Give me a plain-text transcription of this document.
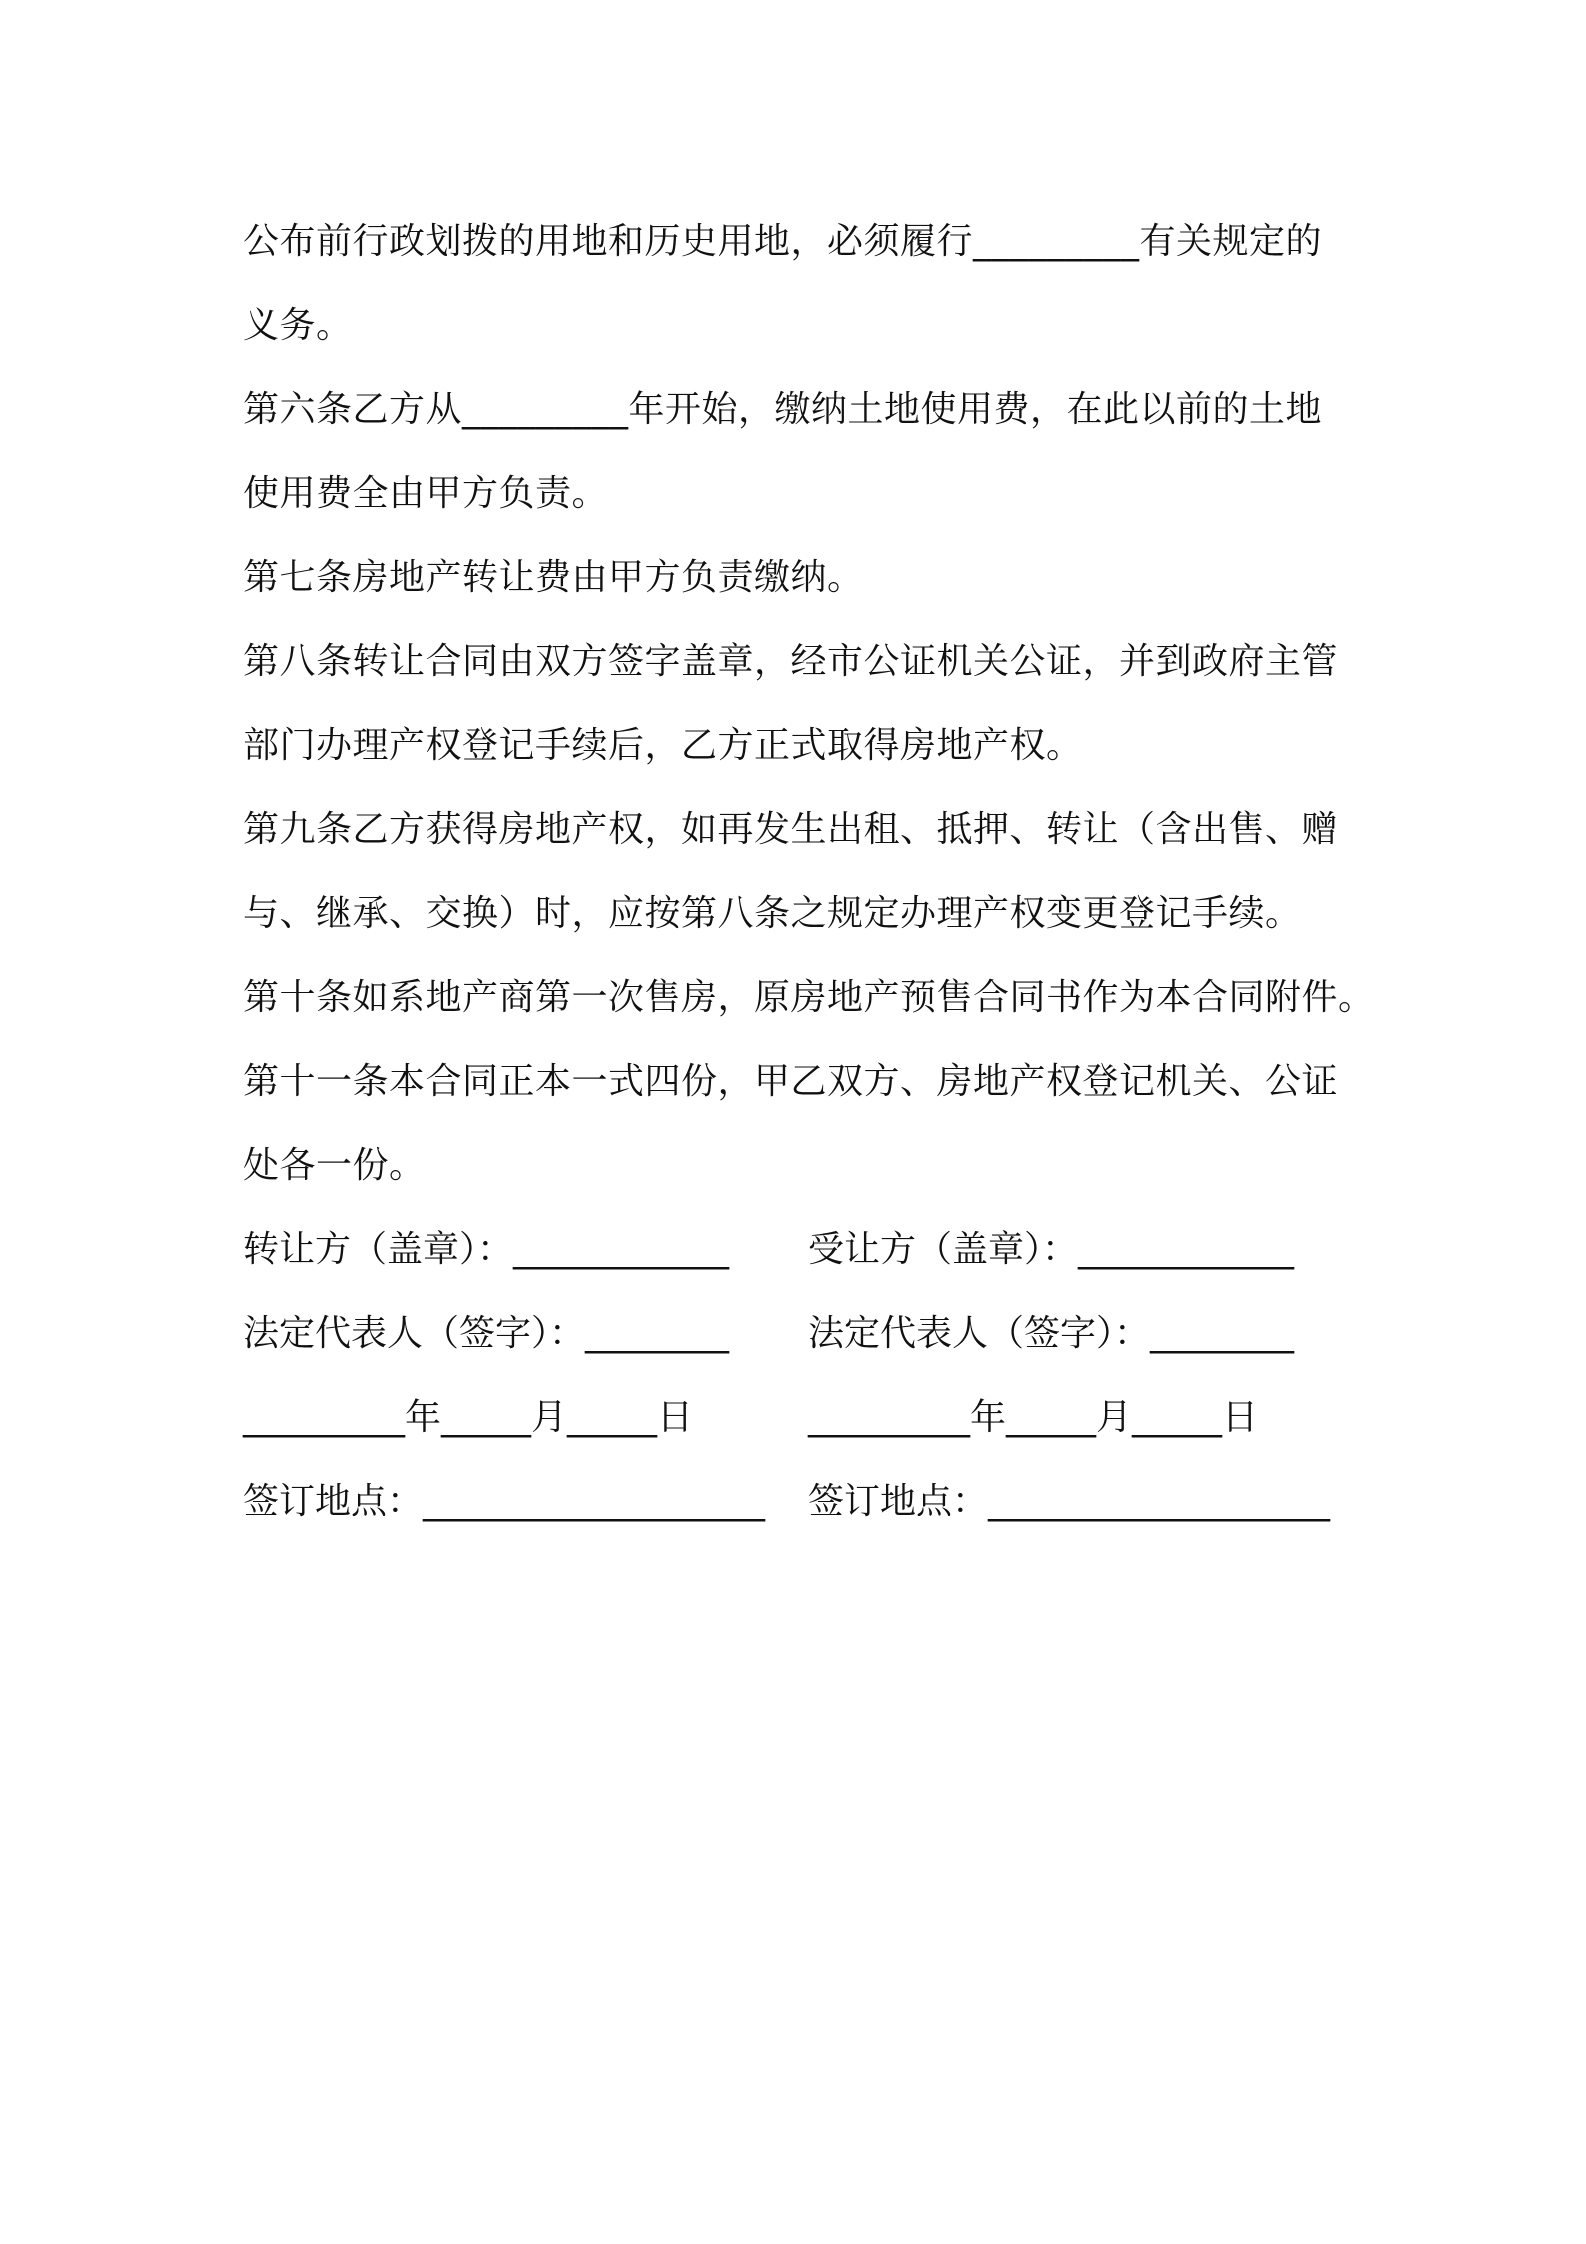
公布前行政划拨的用地和历史用地，必须履行_________有关规定的
义务。
第六条乙方从_________年开始，缴纳土地使用费，在此以前的土地
使用费全由甲方负责。
第七条房地产转让费由甲方负责缴纳。
第八条转让合同由双方签字盖章，经市公证机关公证，并到政府主管
部门办理产权登记手续后，乙方正式取得房地产权。
第九条乙方获得房地产权，如再发生出租、抵押、转让（含出售、赠
与、继承、交换）时，应按第八条之规定办理产权变更登记手续。
第十条如系地产商第一次售房，原房地产预售合同书作为本合同附件。
第十一条本合同正本一式四份，甲乙双方、房地产权登记机关、公证
处各一份。
转让方（盖章）：____________ 受让方（盖章）：____________
法定代表人（签字）：________ 法定代表人（签字）：________
_________年_____月_____日	_________年_____月_____日
签订地点：___________________ 签订地点：___________________
